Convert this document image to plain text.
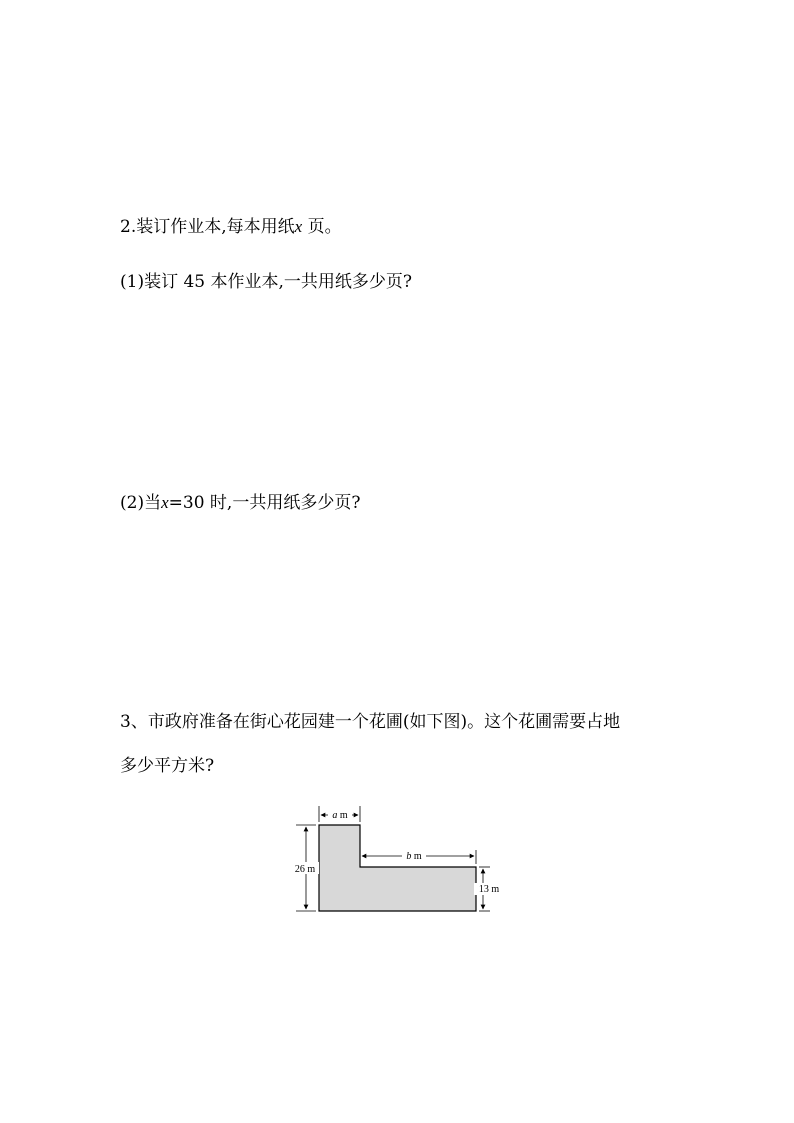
2.装订作业本,每本用纸x 页。
(1)装订 45 本作业本,一共用纸多少页?
(2)当x=30 时,一共用纸多少页?
3、市政府准备在街心花园建一个花圃(如下图)。这个花圃需要占地
多少平方米?
a m
b m
26 m
13 m
